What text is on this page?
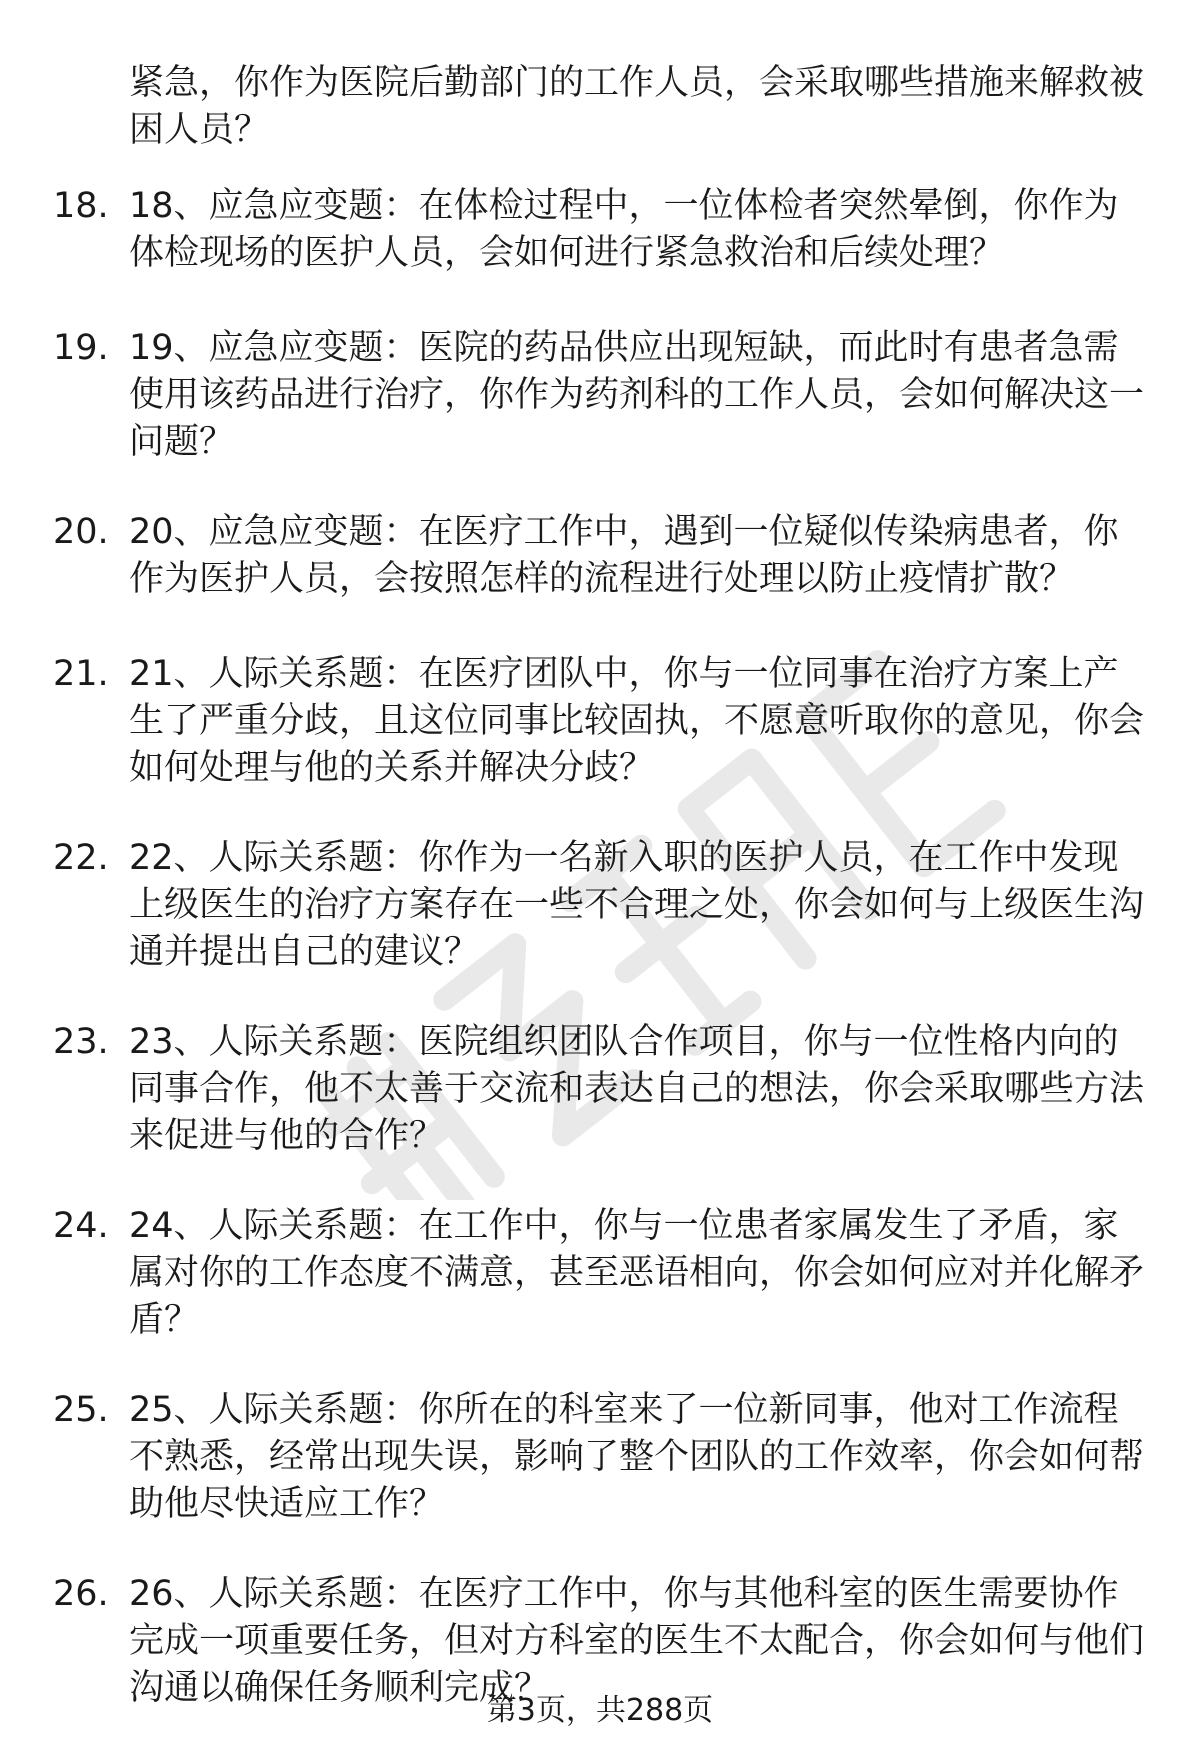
紧急，你作为医院后勤部门的工作人员，会采取哪些措施来解救被困人员？
18. 18、应急应变题：在体检过程中，一位体检者突然晕倒，你作为体检现场的医护人员，会如何进行紧急救治和后续处理？
19. 19、应急应变题：医院的药品供应出现短缺，而此时有患者急需使用该药品进行治疗，你作为药剂科的工作人员，会如何解决这一问题？
20. 20、应急应变题：在医疗工作中，遇到一位疑似传染病患者，你作为医护人员，会按照怎样的流程进行处理以防止疫情扩散？
21. 21、人际关系题：在医疗团队中，你与一位同事在治疗方案上产生了严重分歧，且这位同事比较固执，不愿意听取你的意见，你会如何处理与他的关系并解决分歧？
22. 22、人际关系题：你作为一名新入职的医护人员，在工作中发现上级医生的治疗方案存在一些不合理之处，你会如何与上级医生沟通并提出自己的建议？
23. 23、人际关系题：医院组织团队合作项目，你与一位性格内向的同事合作，他不太善于交流和表达自己的想法，你会采取哪些方法来促进与他的合作？
24. 24、人际关系题：在工作中，你与一位患者家属发生了矛盾，家属对你的工作态度不满意，甚至恶语相向，你会如何应对并化解矛盾？
25. 25、人际关系题：你所在的科室来了一位新同事，他对工作流程不熟悉，经常出现失误，影响了整个团队的工作效率，你会如何帮助他尽快适应工作？
26. 26、人际关系题：在医疗工作中，你与其他科室的医生需要协作完成一项重要任务，但对方科室的医生不太配合，你会如何与他们沟通以确保任务顺利完成？
第3页，共288页
